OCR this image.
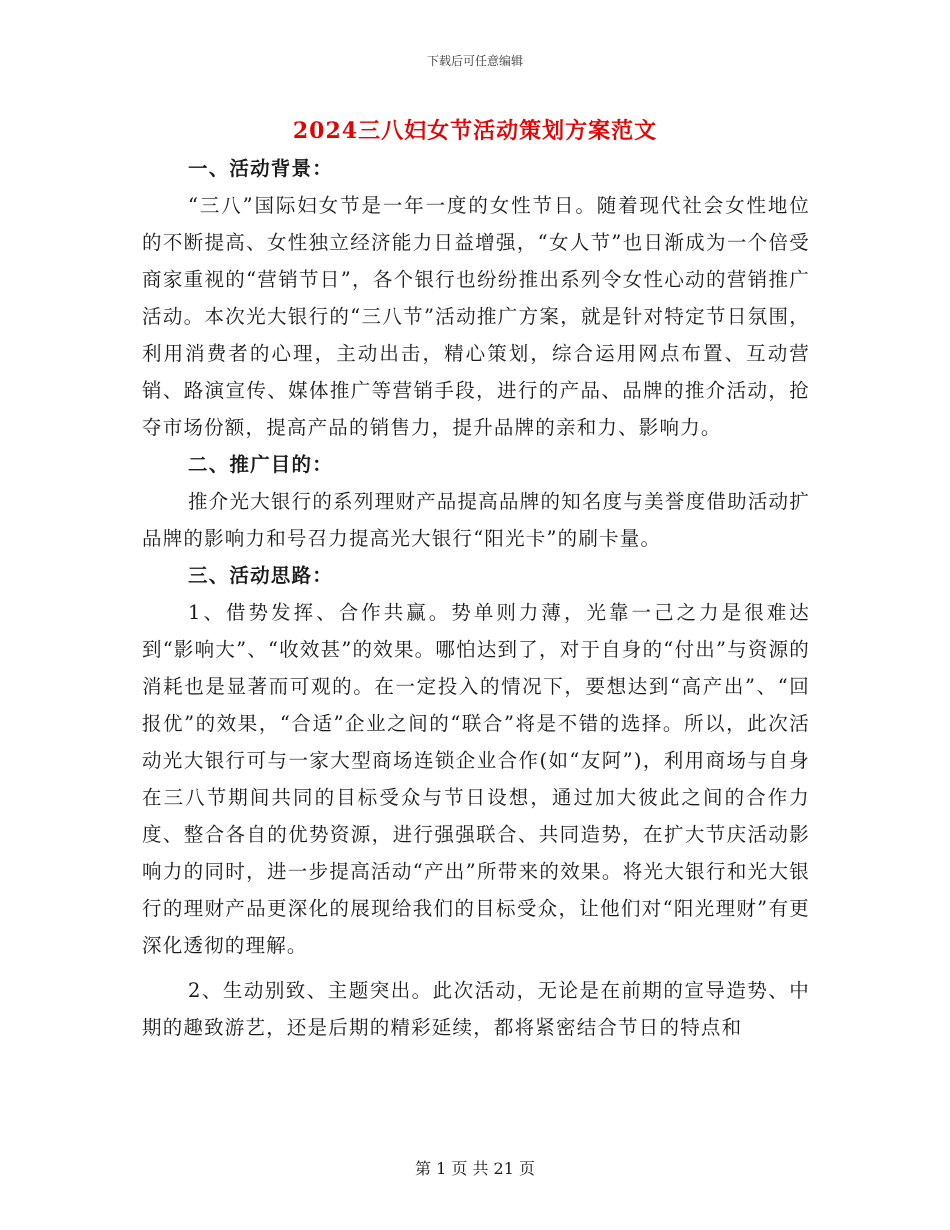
下载后可任意编辑
2024三八妇女节活动策划方案范文

一、活动背景：

“三八”国际妇女节是一年一度的女性节日。随着现代社会女性地位的不断提高、女性独立经济能力日益增强，“女人节”也日渐成为一个倍受商家重视的“营销节日”，各个银行也纷纷推出系列令女性心动的营销推广活动。本次光大银行的“三八节”活动推广方案，就是针对特定节日氛围，利用消费者的心理，主动出击，精心策划，综合运用网点布置、互动营销、路演宣传、媒体推广等营销手段，进行的产品、品牌的推介活动，抢夺市场份额，提高产品的销售力，提升品牌的亲和力、影响力。

二、推广目的：

推介光大银行的系列理财产品提高品牌的知名度与美誉度借助活动扩品牌的影响力和号召力提高光大银行“阳光卡”的刷卡量。

三、活动思路：

1、借势发挥、合作共赢。势单则力薄，光靠一己之力是很难达到“影响大”、“收效甚”的效果。哪怕达到了，对于自身的“付出”与资源的消耗也是显著而可观的。在一定投入的情况下，要想达到“高产出”、“回报优”的效果，“合适”企业之间的“联合”将是不错的选择。所以，此次活动光大银行可与一家大型商场连锁企业合作(如“友阿”)，利用商场与自身在三八节期间共同的目标受众与节日设想，通过加大彼此之间的合作力度、整合各自的优势资源，进行强强联合、共同造势，在扩大节庆活动影响力的同时，进一步提高活动“产出”所带来的效果。将光大银行和光大银行的理财产品更深化的展现给我们的目标受众，让他们对“阳光理财”有更深化透彻的理解。

2、生动别致、主题突出。此次活动，无论是在前期的宣导造势、中期的趣致游艺，还是后期的精彩延续，都将紧密结合节日的特点和

第 1 页 共 21 页
